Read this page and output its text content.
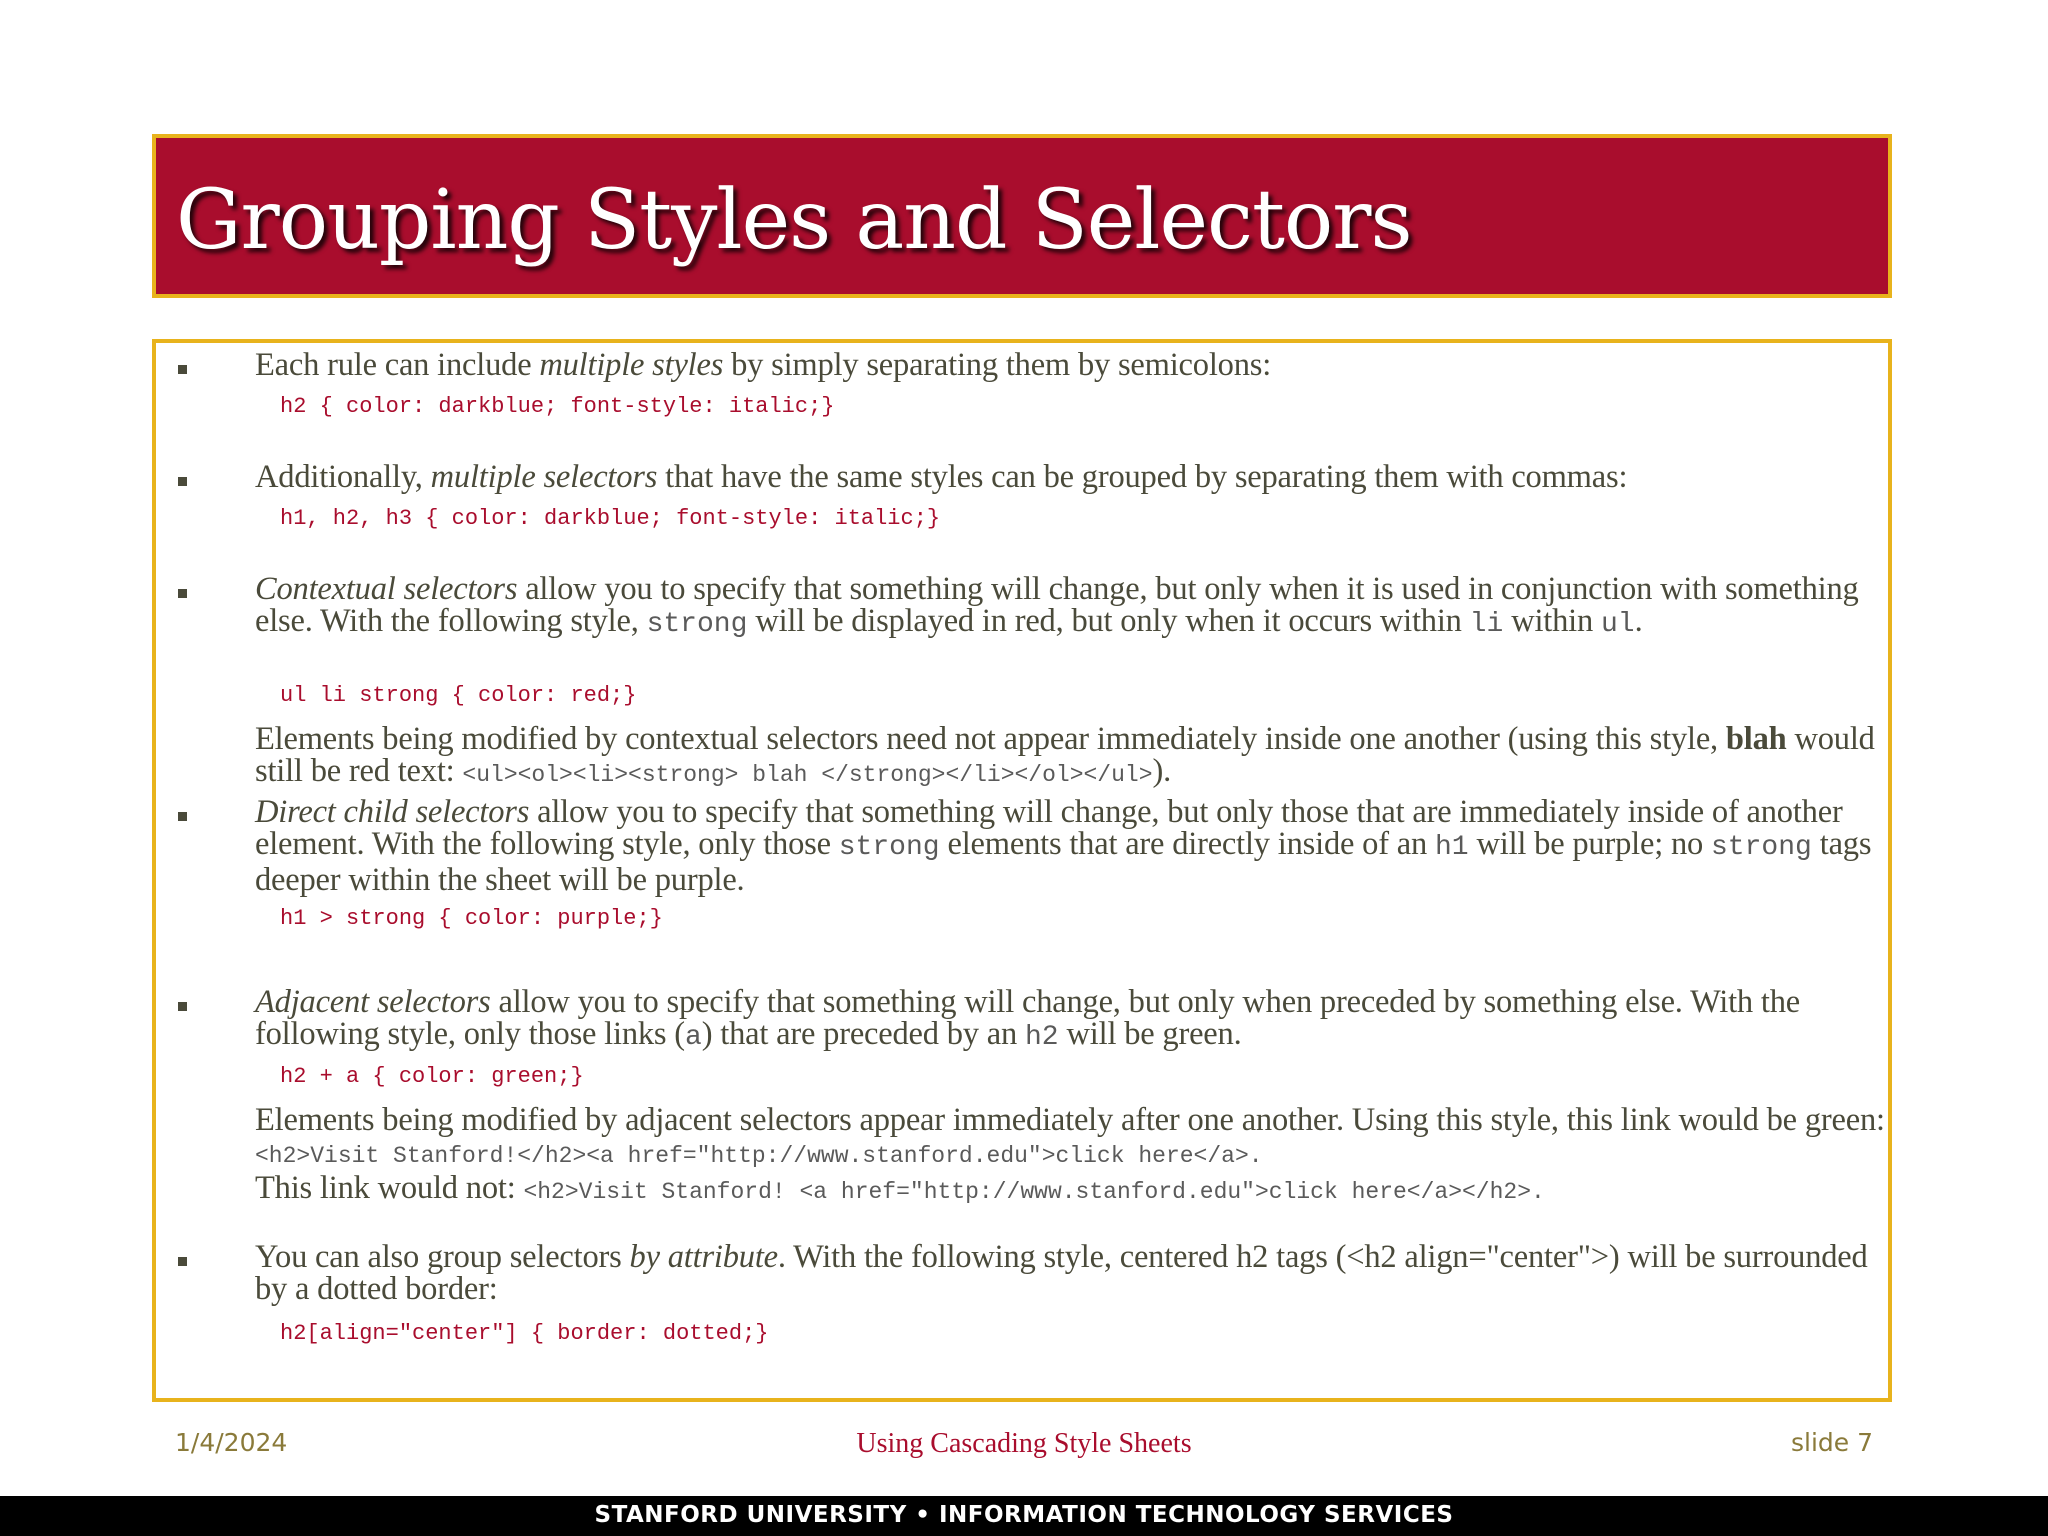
Grouping Styles and Selectors

Each rule can include multiple styles by simply separating them by semicolons:

h2 { color: darkblue; font-style: italic;}

Additionally, multiple selectors that have the same styles can be grouped by separating them with commas:

h1, h2, h3 { color: darkblue; font-style: italic;}

Contextual selectors allow you to specify that something will change, but only when it is used in conjunction with something else. With the following style, strong will be displayed in red, but only when it occurs within li within ul.

ul li strong { color: red;}

Elements being modified by contextual selectors need not appear immediately inside one another (using this style, blah would still be red text: <ul><ol><li><strong> blah </strong></li></ol></ul>).

Direct child selectors allow you to specify that something will change, but only those that are immediately inside of another element. With the following style, only those strong elements that are directly inside of an h1 will be purple; no strong tags deeper within the sheet will be purple.

h1 > strong { color: purple;}

Adjacent selectors allow you to specify that something will change, but only when preceded by something else. With the following style, only those links (a) that are preceded by an h2 will be green.

h2 + a { color: green;}

Elements being modified by adjacent selectors appear immediately after one another. Using this style, this link would be green: <h2>Visit Stanford!</h2><a href="http://www.stanford.edu">click here</a>.
This link would not: <h2>Visit Stanford! <a href="http://www.stanford.edu">click here</a></h2>.

You can also group selectors by attribute. With the following style, centered h2 tags (<h2 align="center">) will be surrounded by a dotted border:

h2[align="center"] { border: dotted;}
1/4/2024	Using Cascading Style Sheets	slide 7
STANFORD UNIVERSITY • INFORMATION TECHNOLOGY SERVICES
